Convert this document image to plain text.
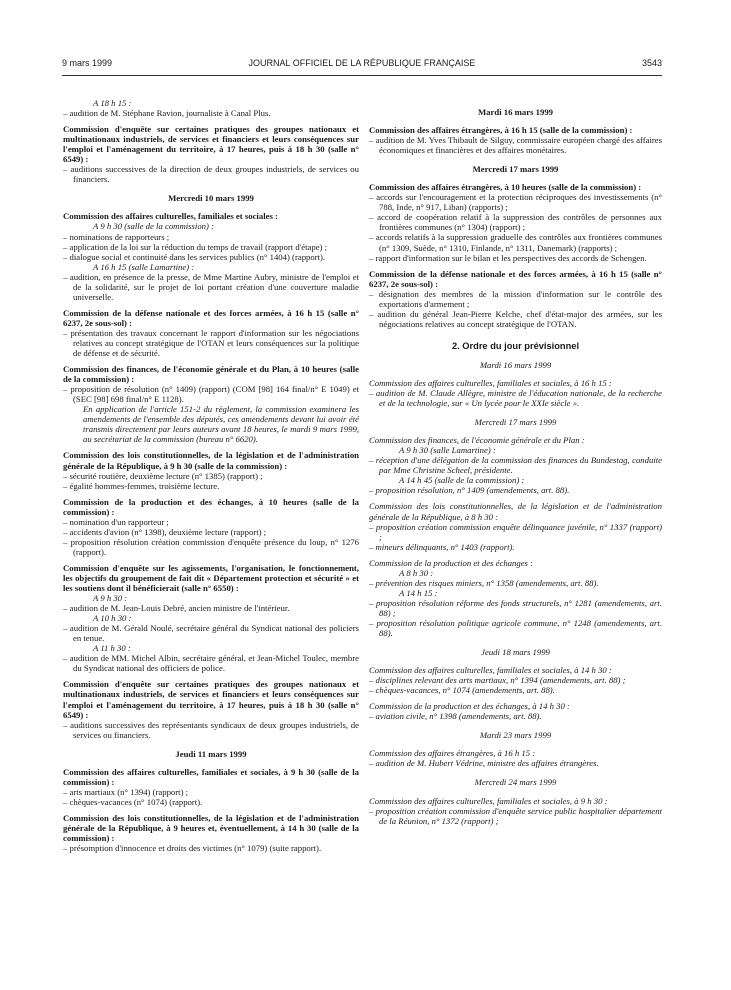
9 mars 1999	JOURNAL OFFICIEL DE LA RÉPUBLIQUE FRANÇAISE	3543

A 18 h 15 :

– audition de M. Stéphane Ravion, journaliste à Canal Plus.

Commission d'enquête sur certaines pratiques des groupes nationaux et multinationaux industriels, de services et financiers et leurs conséquences sur l'emploi et l'aménagement du territoire, à 17 heures, puis à 18 h 30 (salle n° 6549) :

– auditions successives de la direction de deux groupes industriels, de services ou financiers.

Mercredi 10 mars 1999

Commission des affaires culturelles, familiales et sociales :

A 9 h 30 (salle de la commission) :

– nominations de rapporteurs ;

– application de la loi sur la réduction du temps de travail (rapport d'étape) ;

– dialogue social et continuité dans les services publics (n° 1404) (rapport).

A 16 h 15 (salle Lamartine) :

– audition, en présence de la presse, de Mme Martine Aubry, ministre de l'emploi et de la solidarité, sur le projet de loi portant création d'une couverture maladie universelle.

Commission de la défense nationale et des forces armées, à 16 h 15 (salle n° 6237, 2e sous-sol) :

– présentation des travaux concernant le rapport d'information sur les négociations relatives au concept stratégique de l'OTAN et leurs conséquences sur la politique de défense et de sécurité.

Commission des finances, de l'économie générale et du Plan, à 10 heures (salle de la commission) :

– proposition de résolution (n° 1409) (rapport) (COM [98] 164 final/n° E 1049) et (SEC [98] 698 final/n° E 1128).

En application de l'article 151-2 du règlement, la commission examinera les amendements de l'ensemble des députés, ces amendements devant lui avoir été transmis directement par leurs auteurs avant 18 heures, le mardi 9 mars 1999, au secrétariat de la commission (bureau n° 6620).

Commission des lois constitutionnelles, de la législation et de l'administration générale de la République, à 9 h 30 (salle de la commission) :

– sécurité routière, deuxième lecture (n° 1385) (rapport) ;

– égalité hommes-femmes, troisième lecture.

Commission de la production et des échanges, à 10 heures (salle de la commission) :

– nomination d'un rapporteur ;

– accidents d'avion (n° 1398), deuxième lecture (rapport) ;

– proposition résolution création commission d'enquête présence du loup, n° 1276 (rapport).

Commission d'enquête sur les agissements, l'organisation, le fonctionnement, les objectifs du groupement de fait dit « Département protection et sécurité » et les soutiens dont il bénéficierait (salle n° 6550) :

A 9 h 30 :

– audition de M. Jean-Louis Debré, ancien ministre de l'intérieur.

A 10 h 30 :

– audition de M. Gérald Noulé, secrétaire général du Syndicat national des policiers en tenue.

A 11 h 30 :

– audition de MM. Michel Albin, secrétaire général, et Jean-Michel Toulec, membre du Syndicat national des officiers de police.

Commission d'enquête sur certaines pratiques des groupes nationaux et multinationaux industriels, de services et financiers et leurs conséquences sur l'emploi et l'aménagement du territoire, à 17 heures, puis à 18 h 30 (salle n° 6549) :

– auditions successives des représentants syndicaux de deux groupes industriels, de services ou financiers.

Jeudi 11 mars 1999

Commission des affaires culturelles, familiales et sociales, à 9 h 30 (salle de la commission) :

– arts martiaux (n° 1394) (rapport) ;

– chèques-vacances (n° 1074) (rapport).

Commission des lois constitutionnelles, de la législation et de l'administration générale de la République, à 9 heures et, éventuellement, à 14 h 30 (salle de la commission) :

– présomption d'innocence et droits des victimes (n° 1079) (suite rapport).

Mardi 16 mars 1999

Commission des affaires étrangères, à 16 h 15 (salle de la commission) :

– audition de M. Yves Thibault de Silguy, commissaire européen chargé des affaires économiques et financières et des affaires monétaires.

Mercredi 17 mars 1999

Commission des affaires étrangères, à 10 heures (salle de la commission) :

– accords sur l'encouragement et la protection réciproques des investissements (n° 788, Inde, n° 917, Liban) (rapports) ;

– accord de coopération relatif à la suppression des contrôles de personnes aux frontières communes (n° 1304) (rapport) ;

– accords relatifs à la suppression graduelle des contrôles aux frontières communes (n° 1309, Suède, n° 1310, Finlande, n° 1311, Danemark) (rapports) ;

– rapport d'information sur le bilan et les perspectives des accords de Schengen.

Commission de la défense nationale et des forces armées, à 16 h 15 (salle n° 6237, 2e sous-sol) :

– désignation des membres de la mission d'information sur le contrôle des exportations d'armement ;

– audition du général Jean-Pierre Kelche, chef d'état-major des armées, sur les négociations relatives au concept stratégique de l'OTAN.

2. Ordre du jour prévisionnel

Mardi 16 mars 1999

Commission des affaires culturelles, familiales et sociales, à 16 h 15 :

– audition de M. Claude Allègre, ministre de l'éducation nationale, de la recherche et de la technologie, sur « Un lycée pour le XXIe siècle ».

Mercredi 17 mars 1999

Commission des finances, de l'économie générale et du Plan :

A 9 h 30 (salle Lamartine) :

– réception d'une délégation de la commission des finances du Bundestag, conduite par Mme Christine Scheel, présidente.

A 14 h 45 (salle de la commission) :

– proposition résolution, n° 1409 (amendements, art. 88).

Commission des lois constitutionnelles, de la législation et de l'administration générale de la République, à 8 h 30 :

– proposition création commission enquête délinquance juvénile, n° 1337 (rapport) ;

– mineurs délinquants, n° 1403 (rapport).

Commission de la production et des échanges :

A 8 h 30 :

– prévention des risques miniers, n° 1358 (amendements, art. 88).

A 14 h 15 :

– proposition résolution réforme des fonds structurels, n° 1281 (amendements, art. 88) ;

– proposition résolution politique agricole commune, n° 1248 (amendements, art. 88).

Jeudi 18 mars 1999

Commission des affaires culturelles, familiales et sociales, à 14 h 30 :

– disciplines relevant des arts martiaux, n° 1394 (amendements, art. 88) ;

– chèques-vacances, n° 1074 (amendements, art. 88).

Commission de la production et des échanges, à 14 h 30 :

– aviation civile, n° 1398 (amendements, art. 88).

Mardi 23 mars 1999

Commission des affaires étrangères, à 16 h 15 :

– audition de M. Hubert Védrine, ministre des affaires étrangères.

Mercredi 24 mars 1999

Commission des affaires culturelles, familiales et sociales, à 9 h 30 :

– proposition création commission d'enquête service public hospitalier département de la Réunion, n° 1372 (rapport) ;
